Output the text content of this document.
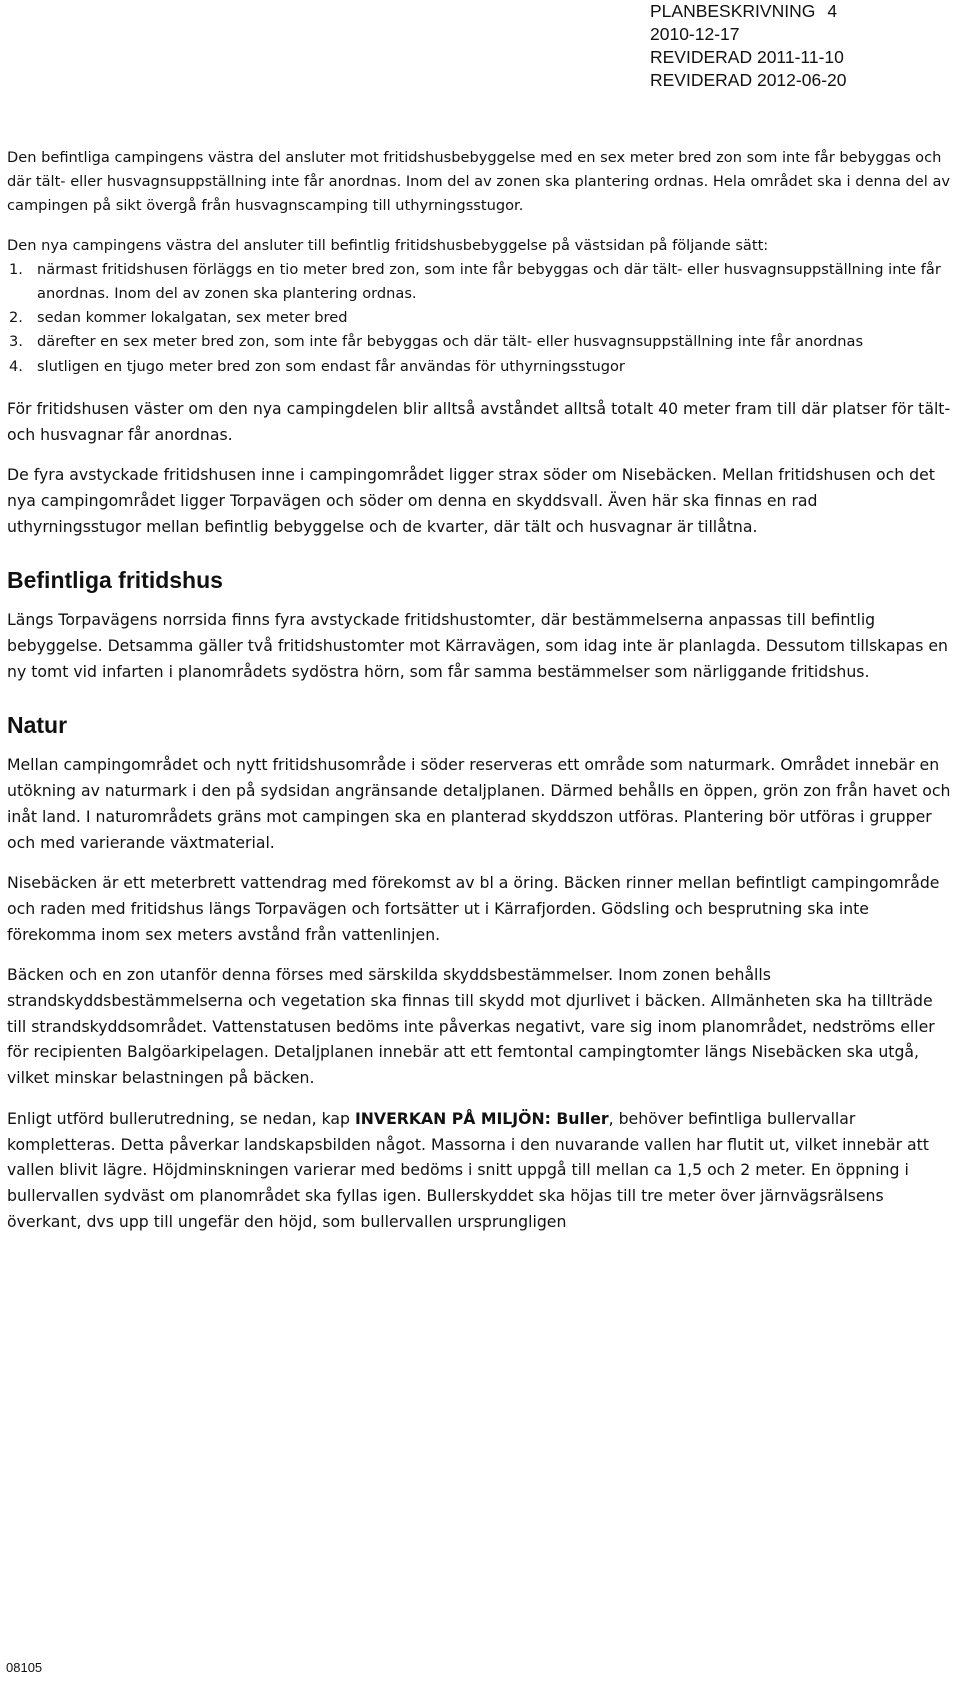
PLANBESKRIVNING 4
2010-12-17
REVIDERAD 2011-11-10
REVIDERAD 2012-06-20

Den befintliga campingens västra del ansluter mot fritidshusbebyggelse med en sex meter bred zon som inte får bebyggas och där tält- eller husvagnsuppställning inte får anordnas. Inom del av zonen ska plantering ordnas. Hela området ska i denna del av campingen på sikt övergå från husvagnscamping till uthyrningsstugor.

Den nya campingens västra del ansluter till befintlig fritidshusbebyggelse på västsidan på följande sätt:

1. närmast fritidshusen förläggs en tio meter bred zon, som inte får bebyggas och där tält- eller husvagnsuppställning inte får anordnas. Inom del av zonen ska plantering ordnas.
2. sedan kommer lokalgatan, sex meter bred
3. därefter en sex meter bred zon, som inte får bebyggas och där tält- eller husvagnsuppställning inte får anordnas
4. slutligen en tjugo meter bred zon som endast får användas för uthyrningsstugor

För fritidshusen väster om den nya campingdelen blir alltså avståndet alltså totalt 40 meter fram till där platser för tält- och husvagnar får anordnas.

De fyra avstyckade fritidshusen inne i campingområdet ligger strax söder om Nisebäcken. Mellan fritidshusen och det nya campingområdet ligger Torpavägen och söder om denna en skyddsvall. Även här ska finnas en rad uthyrningsstugor mellan befintlig bebyggelse och de kvarter, där tält och husvagnar är tillåtna.

Befintliga fritidshus

Längs Torpavägens norrsida finns fyra avstyckade fritidshustomter, där bestämmelserna anpassas till befintlig bebyggelse. Detsamma gäller två fritidshustomter mot Kärravägen, som idag inte är planlagda. Dessutom tillskapas en ny tomt vid infarten i planområdets sydöstra hörn, som får samma bestämmelser som närliggande fritidshus.

Natur

Mellan campingområdet och nytt fritidshusområde i söder reserveras ett område som naturmark. Området innebär en utökning av naturmark i den på sydsidan angränsande detaljplanen. Därmed behålls en öppen, grön zon från havet och inåt land. I naturområdets gräns mot campingen ska en planterad skyddszon utföras. Plantering bör utföras i grupper och med varierande växtmaterial.

Nisebäcken är ett meterbrett vattendrag med förekomst av bl a öring. Bäcken rinner mellan befintligt campingområde och raden med fritidshus längs Torpavägen och fortsätter ut i Kärrafjorden. Gödsling och besprutning ska inte förekomma inom sex meters avstånd från vattenlinjen.

Bäcken och en zon utanför denna förses med särskilda skyddsbestämmelser. Inom zonen behålls strandskyddsbestämmelserna och vegetation ska finnas till skydd mot djurlivet i bäcken. Allmänheten ska ha tillträde till strandskyddsområdet. Vattenstatusen bedöms inte påverkas negativt, vare sig inom planområdet, nedströms eller för recipienten Balgöarkipelagen. Detaljplanen innebär att ett femtontal campingtomter längs Nisebäcken ska utgå, vilket minskar belastningen på bäcken.

Enligt utförd bullerutredning, se nedan, kap INVERKAN PÅ MILJÖN: Buller, behöver befintliga bullervallar kompletteras. Detta påverkar landskapsbilden något. Massorna i den nuvarande vallen har flutit ut, vilket innebär att vallen blivit lägre. Höjdminskningen varierar med bedöms i snitt uppgå till mellan ca 1,5 och 2 meter. En öppning i bullervallen sydväst om planområdet ska fyllas igen. Bullerskyddet ska höjas till tre meter över järnvägsrälsens överkant, dvs upp till ungefär den höjd, som bullervallen ursprungligen

08105
